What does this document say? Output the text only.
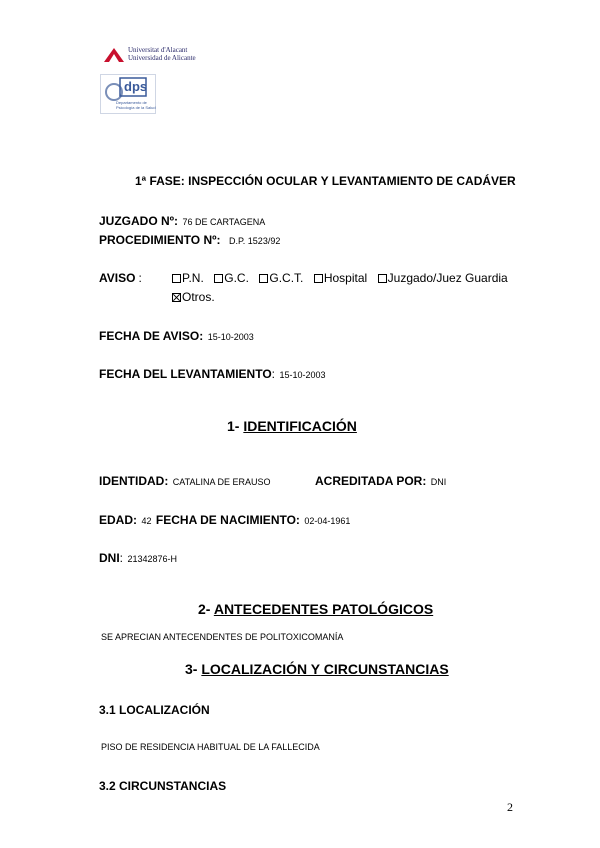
Universitat d'Alacant
Universidad de Alicante
dps
Departamento de
Psicología de la Salud
1ª FASE: INSPECCIÓN OCULAR Y LEVANTAMIENTO DE CADÁVER
JUZGADO Nº: 76 DE CARTAGENA
PROCEDIMIENTO Nº: D.P. 1523/92
AVISO :	P.N. G.C. G.C.T. Hospital Juzgado/Juez Guardia
Otros.
FECHA DE AVISO: 15-10-2003
FECHA DEL LEVANTAMIENTO: 15-10-2003
1- IDENTIFICACIÓN
IDENTIDAD: CATALINA DE ERAUSO	ACREDITADA POR: DNI
EDAD: 42 FECHA DE NACIMIENTO: 02-04-1961
DNI: 21342876-H
2- ANTECEDENTES PATOLÓGICOS
SE APRECIAN ANTECENDENTES DE POLITOXICOMANÍA
3- LOCALIZACIÓN Y CIRCUNSTANCIAS
3.1 LOCALIZACIÓN
PISO DE RESIDENCIA HABITUAL DE LA FALLECIDA
3.2 CIRCUNSTANCIAS
2
